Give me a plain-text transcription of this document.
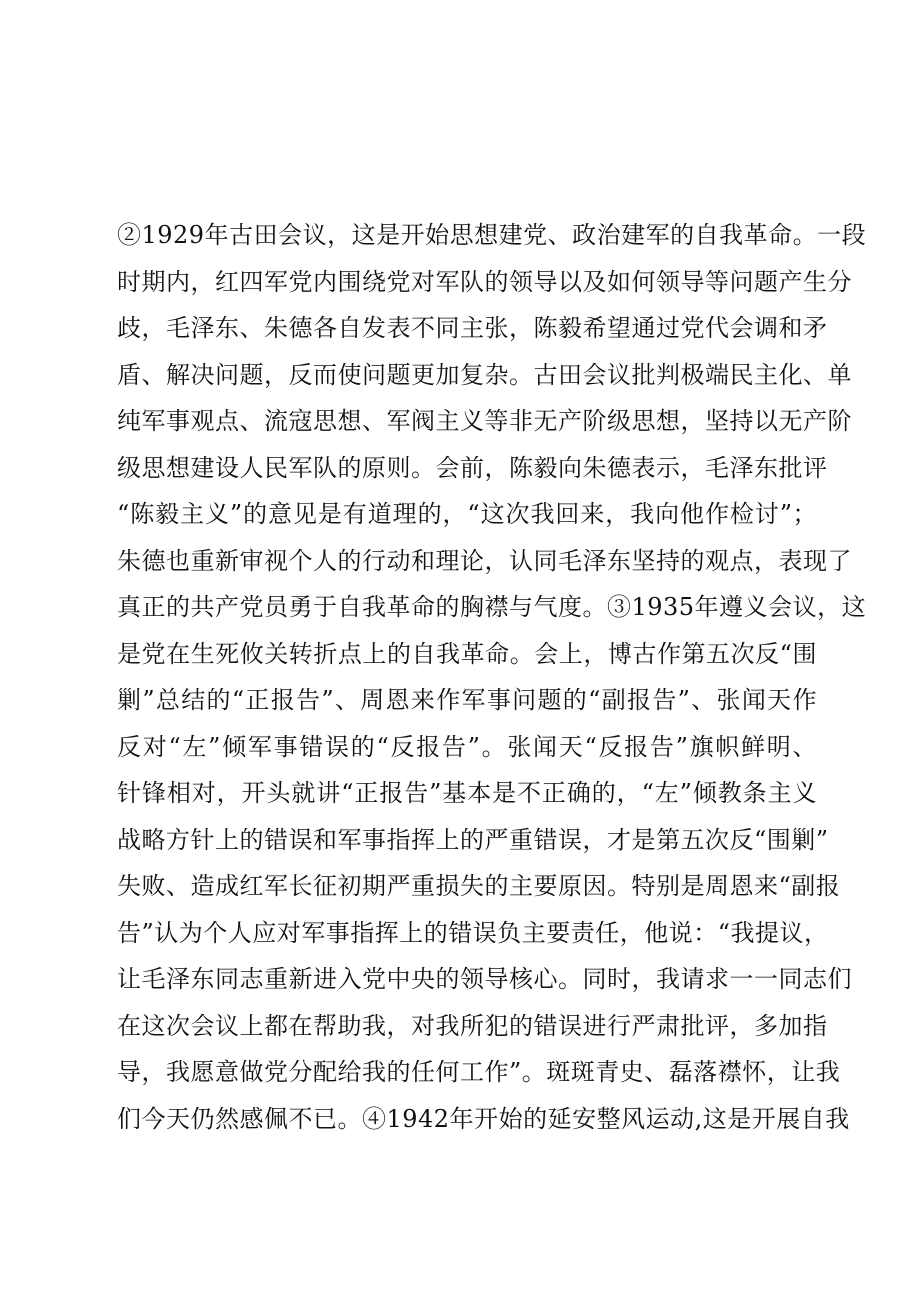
②1929年古田会议，这是开始思想建党、政治建军的自我革命。一段
时期内，红四军党内围绕党对军队的领导以及如何领导等问题产生分
歧，毛泽东、朱德各自发表不同主张，陈毅希望通过党代会调和矛
盾、解决问题，反而使问题更加复杂。古田会议批判极端民主化、单
纯军事观点、流寇思想、军阀主义等非无产阶级思想，坚持以无产阶
级思想建设人民军队的原则。会前，陈毅向朱德表示，毛泽东批评
“陈毅主义”的意见是有道理的，“这次我回来，我向他作检讨”；
朱德也重新审视个人的行动和理论，认同毛泽东坚持的观点，表现了
真正的共产党员勇于自我革命的胸襟与气度。③1935年遵义会议，这
是党在生死攸关转折点上的自我革命。会上，博古作第五次反“围
剿”总结的“正报告”、周恩来作军事问题的“副报告”、张闻天作
反对“左”倾军事错误的“反报告”。张闻天“反报告”旗帜鲜明、
针锋相对，开头就讲“正报告”基本是不正确的，“左”倾教条主义
战略方针上的错误和军事指挥上的严重错误，才是第五次反“围剿”
失败、造成红军长征初期严重损失的主要原因。特别是周恩来“副报
告”认为个人应对军事指挥上的错误负主要责任，他说：“我提议，
让毛泽东同志重新进入党中央的领导核心。同时，我请求一一同志们
在这次会议上都在帮助我，对我所犯的错误进行严肃批评，多加指
导，我愿意做党分配给我的任何工作”。斑斑青史、磊落襟怀，让我
们今天仍然感佩不已。④1942年开始的延安整风运动,这是开展自我
